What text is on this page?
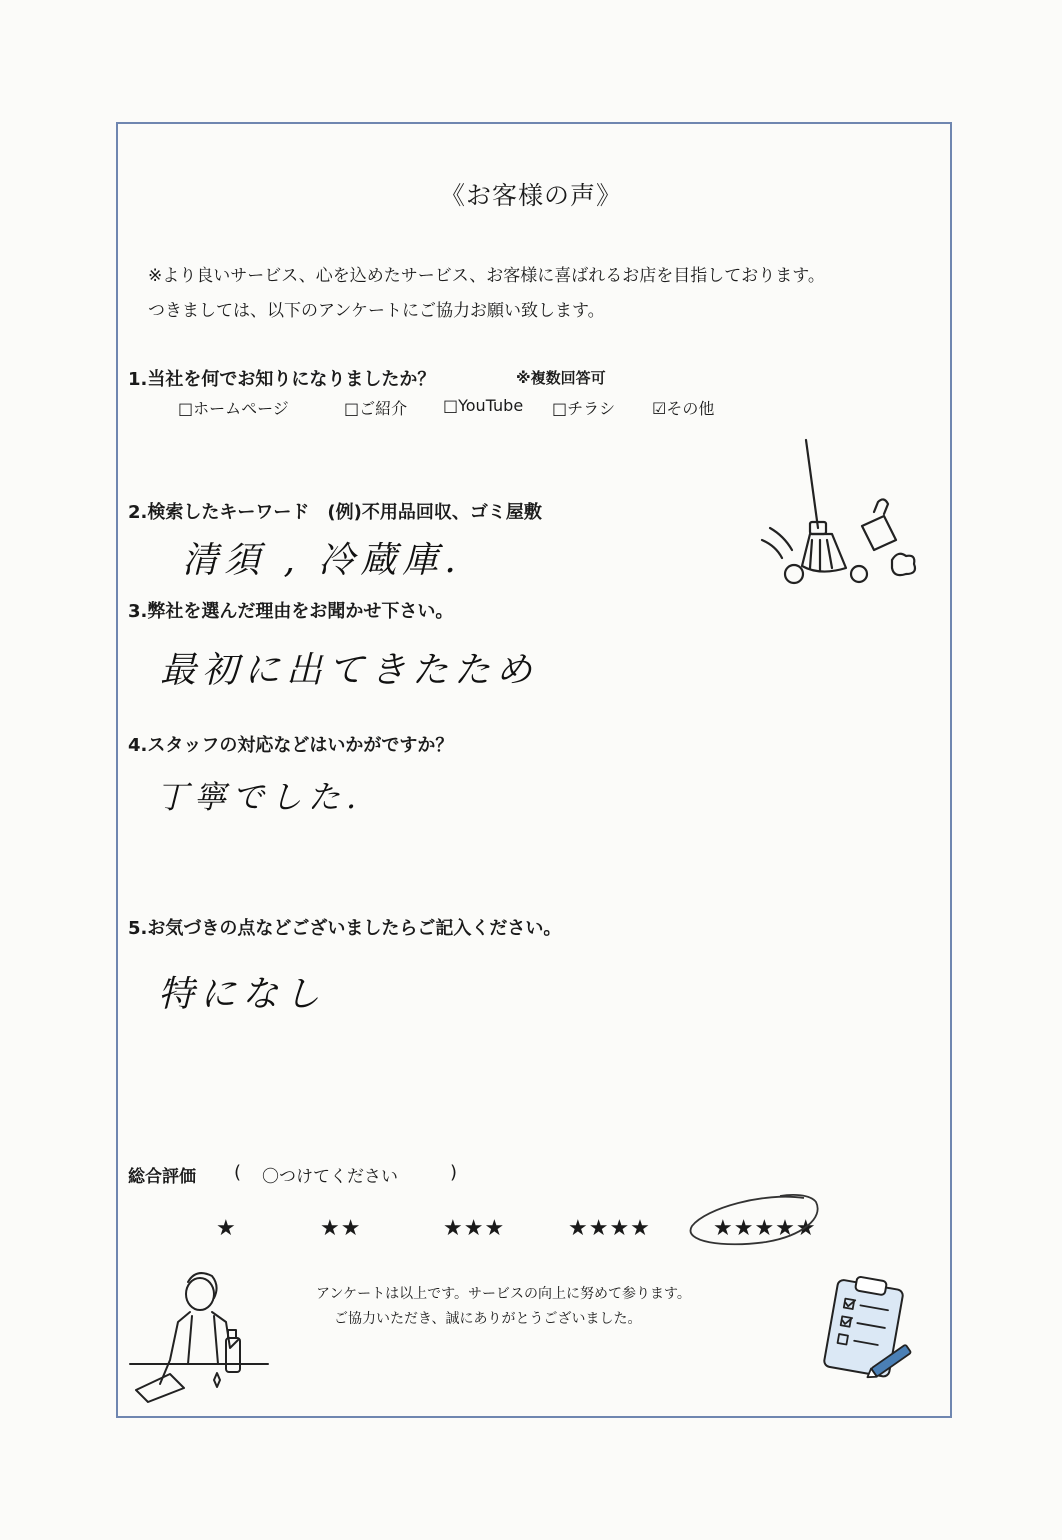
《お客様の声》
※より良いサービス、心を込めたサービス、お客様に喜ばれるお店を目指しております。
つきましては、以下のアンケートにご協力お願い致します。
1.当社を何でお知りになりましたか？	※複数回答可
□ホームページ	□ご紹介 □YouTube □チラシ ☑その他
2.検索したキーワード　(例)不用品回収、ゴミ屋敷
清須 , 冷蔵庫.
3.弊社を選んだ理由をお聞かせ下さい。
最初に出てきたため
4.スタッフの対応などはいかがですか？
丁寧でした.
5.お気づきの点などございましたらご記入ください。
特になし
総合評価 ( 〇つけてください	)
★	★★	★★★	★★★★	★★★★★
アンケートは以上です。サービスの向上に努めて参ります。
ご協力いただき、誠にありがとうございました。
